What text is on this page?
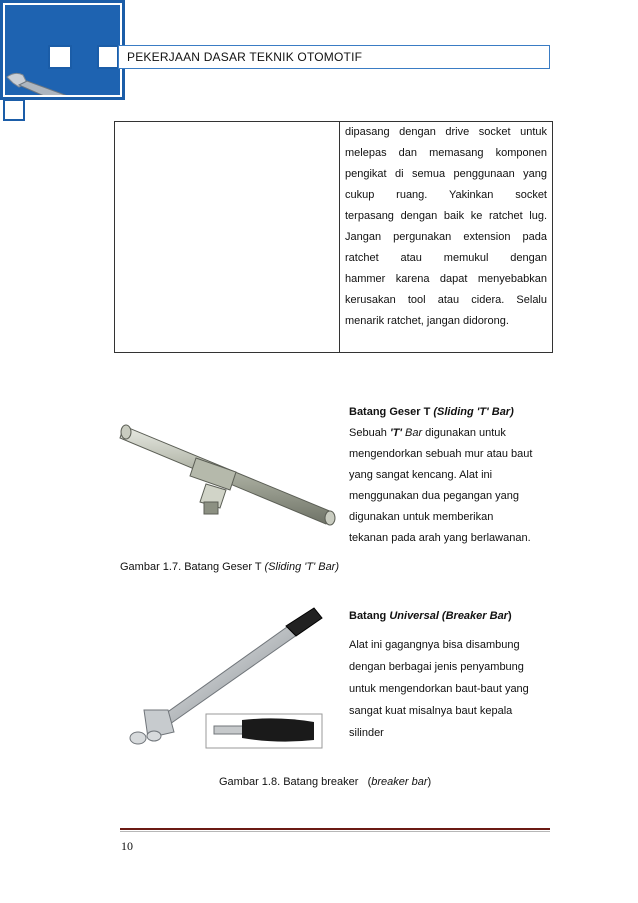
PEKERJAAN DASAR TEKNIK OTOMOTIF
dipasang dengan drive socket untuk
melepas dan memasang komponen
pengikat di semua penggunaan yang
cukup ruang. Yakinkan socket
terpasang dengan baik ke ratchet lug.
Jangan pergunakan extension pada
ratchet atau memukul dengan
hammer karena dapat menyebabkan
kerusakan tool atau cidera. Selalu
menarik ratchet, jangan didorong.
Batang Geser T (Sliding 'T' Bar)
Sebuah 'T' Bar digunakan untuk
mengendorkan sebuah mur atau baut
yang sangat kencang. Alat ini
menggunakan dua pegangan yang
digunakan untuk memberikan
tekanan pada arah yang berlawanan.
Gambar 1.7. Batang Geser T (Sliding 'T' Bar)
Batang Universal (Breaker Bar)
Alat ini gagangnya bisa disambung
dengan berbagai jenis penyambung
untuk mengendorkan baut-baut yang
sangat kuat misalnya baut kepala
silinder
Gambar 1.8. Batang breaker   (breaker bar)
10
